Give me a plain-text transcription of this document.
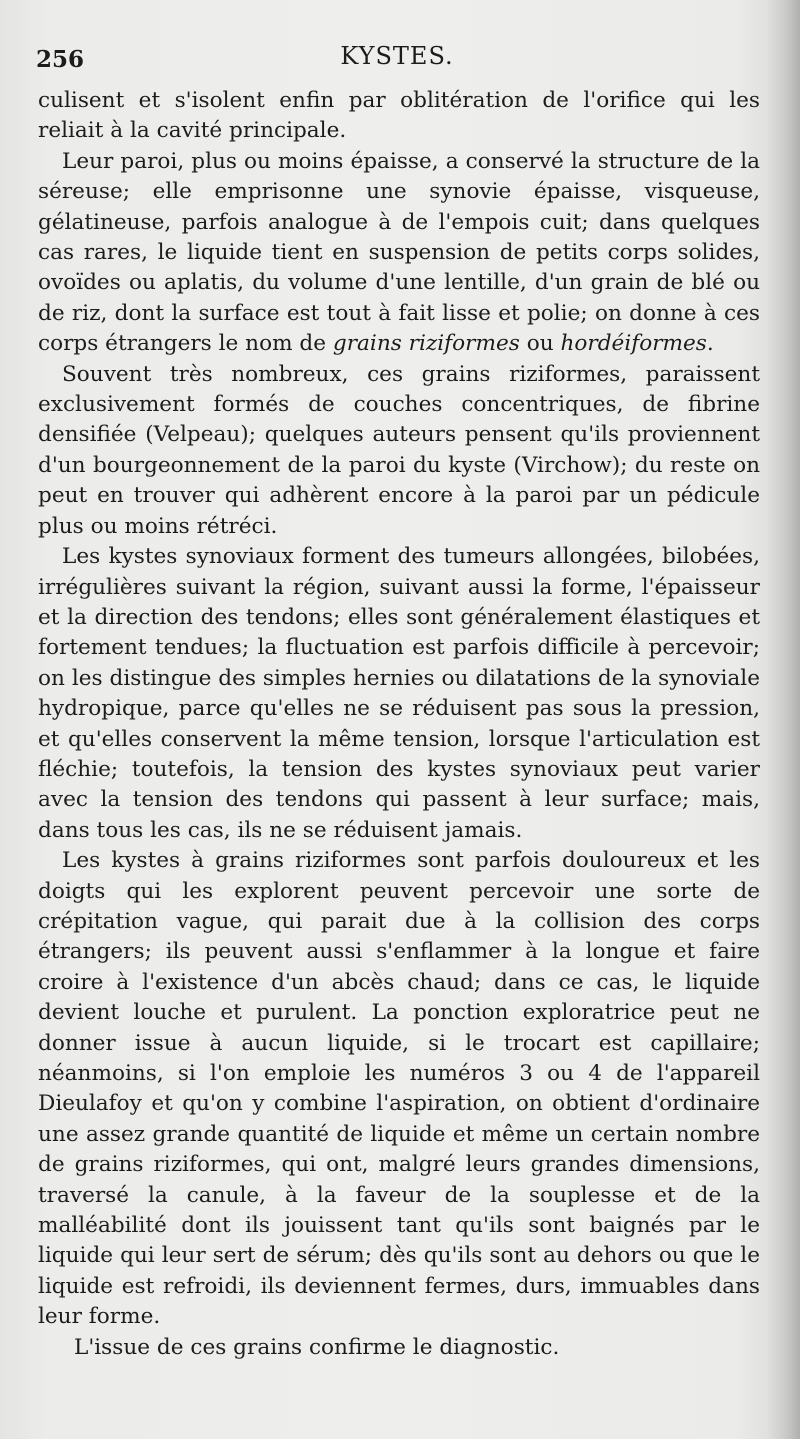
256	KYSTES.

culisent et s'isolent enfin par oblitération de l'orifice qui les reliait à la cavité principale.

Leur paroi, plus ou moins épaisse, a conservé la structure de la séreuse; elle emprisonne une synovie épaisse, visqueuse, gélatineuse, parfois analogue à de l'empois cuit; dans quelques cas rares, le liquide tient en suspension de petits corps solides, ovoïdes ou aplatis, du volume d'une lentille, d'un grain de blé ou de riz, dont la surface est tout à fait lisse et polie; on donne à ces corps étrangers le nom de grains riziformes ou hordéiformes.

Souvent très nombreux, ces grains riziformes, paraissent exclusivement formés de couches concentriques, de fibrine densifiée (Velpeau); quelques auteurs pensent qu'ils proviennent d'un bourgeonnement de la paroi du kyste (Virchow); du reste on peut en trouver qui adhèrent encore à la paroi par un pédicule plus ou moins rétréci.

Les kystes synoviaux forment des tumeurs allongées, bilobées, irrégulières suivant la région, suivant aussi la forme, l'épaisseur et la direction des tendons; elles sont généralement élastiques et fortement tendues; la fluctuation est parfois difficile à percevoir; on les distingue des simples hernies ou dilatations de la synoviale hydropique, parce qu'elles ne se réduisent pas sous la pression, et qu'elles conservent la même tension, lorsque l'articulation est fléchie; toutefois, la tension des kystes synoviaux peut varier avec la tension des tendons qui passent à leur surface; mais, dans tous les cas, ils ne se réduisent jamais.

Les kystes à grains riziformes sont parfois douloureux et les doigts qui les explorent peuvent percevoir une sorte de crépitation vague, qui parait due à la collision des corps étrangers; ils peuvent aussi s'enflammer à la longue et faire croire à l'existence d'un abcès chaud; dans ce cas, le liquide devient louche et purulent. La ponction exploratrice peut ne donner issue à aucun liquide, si le trocart est capillaire; néanmoins, si l'on emploie les numéros 3 ou 4 de l'appareil Dieulafoy et qu'on y combine l'aspiration, on obtient d'ordinaire une assez grande quantité de liquide et même un certain nombre de grains riziformes, qui ont, malgré leurs grandes dimensions, traversé la canule, à la faveur de la souplesse et de la malléabilité dont ils jouissent tant qu'ils sont baignés par le liquide qui leur sert de sérum; dès qu'ils sont au dehors ou que le liquide est refroidi, ils deviennent fermes, durs, immuables dans leur forme.

L'issue de ces grains confirme le diagnostic.
